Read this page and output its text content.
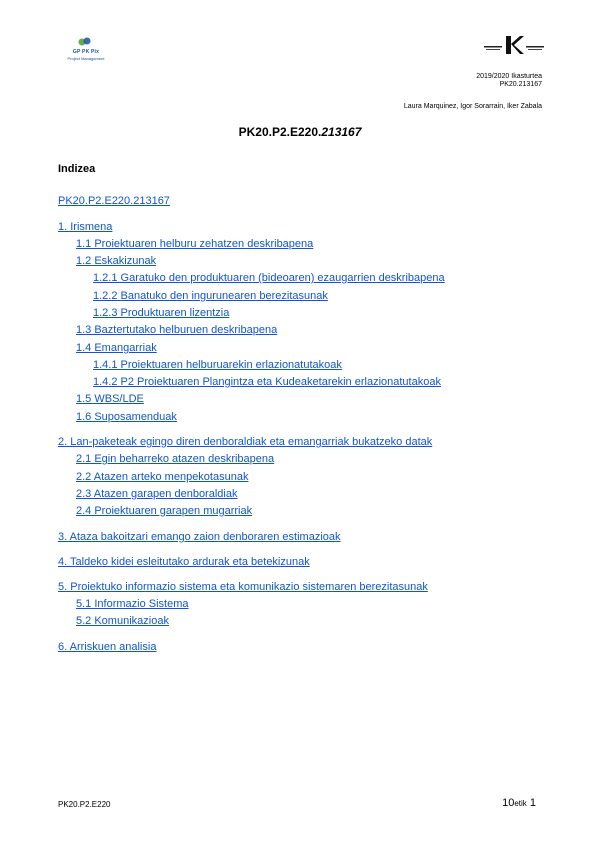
GP PK Pix
Project Management
2019/2020 Ikasturtea
PK20.213167
Laura Marquinez, Igor Sorarrain, Iker Zabala
PK20.P2.E220.213167
Indizea
PK20.P2.E220.213167
1. Irismena
1.1 Proiektuaren helburu zehatzen deskribapena
1.2 Eskakizunak
1.2.1 Garatuko den produktuaren (bideoaren) ezaugarrien deskribapena
1.2.2 Banatuko den ingurunearen berezitasunak
1.2.3 Produktuaren lizentzia
1.3 Baztertutako helburuen deskribapena
1.4 Emangarriak
1.4.1 Proiektuaren helburuarekin erlazionatutakoak
1.4.2 P2 Proiektuaren Plangintza eta Kudeaketarekin erlazionatutakoak
1.5 WBS/LDE
1.6 Suposamenduak
2. Lan-paketeak egingo diren denboraldiak eta emangarriak bukatzeko datak
2.1 Egin beharreko atazen deskribapena
2.2 Atazen arteko menpekotasunak
2.3 Atazen garapen denboraldiak
2.4 Proiektuaren garapen mugarriak
3. Ataza bakoitzari emango zaion denboraren estimazioak
4. Taldeko kidei esleitutako ardurak eta betekizunak
5. Proiektuko informazio sistema eta komunikazio sistemaren berezitasunak
5.1 Informazio Sistema
5.2 Komunikazioak
6. Arriskuen analisia
PK20.P2.E220	10etik 1
